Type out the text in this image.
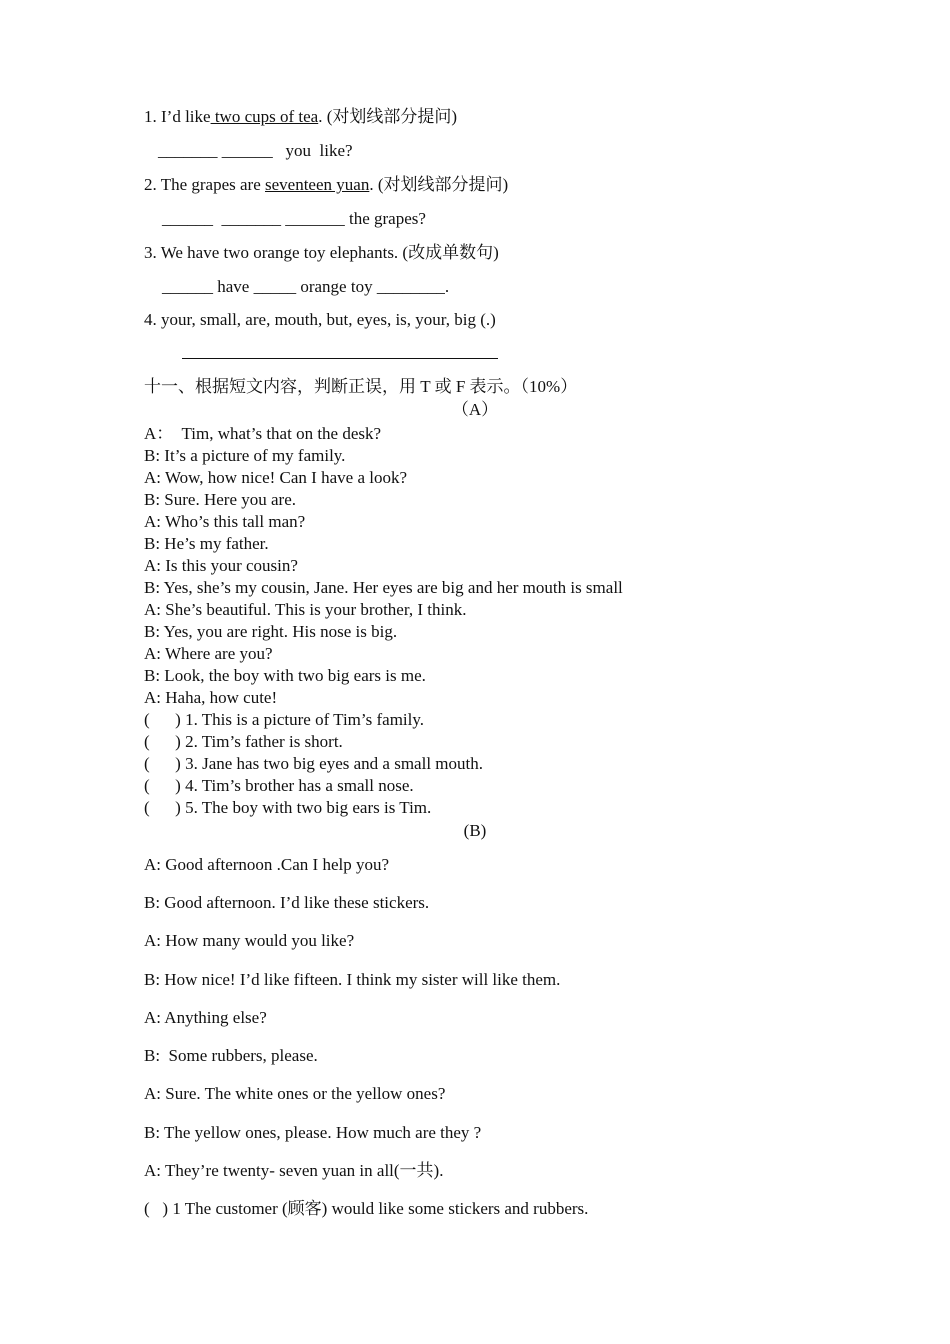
1. I’d like two cups of tea. (对划线部分提问)
_______ ______   you  like?
2. The grapes are seventeen yuan. (对划线部分提问)
______  _______ _______ the grapes?
3. We have two orange toy elephants. (改成单数句)
______ have _____ orange toy ________.
4. your, small, are, mouth, but, eyes, is, your, big (.)
十一、根据短文内容，判断正误，用 T 或 F 表示。（10%）
（A）
A：  Tim, what’s that on the desk?
B: It’s a picture of my family.
A: Wow, how nice! Can I have a look?
B: Sure. Here you are.
A: Who’s this tall man?
B: He’s my father.
A: Is this your cousin?
B: Yes, she’s my cousin, Jane. Her eyes are big and her mouth is small
A: She’s beautiful. This is your brother, I think.
B: Yes, you are right. His nose is big.
A: Where are you?
B: Look, the boy with two big ears is me.
A: Haha, how cute!
(      ) 1. This is a picture of Tim’s family.
(      ) 2. Tim’s father is short.
(      ) 3. Jane has two big eyes and a small mouth.
(      ) 4. Tim’s brother has a small nose.
(      ) 5. The boy with two big ears is Tim.
(B)
A: Good afternoon .Can I help you?
B: Good afternoon. I’d like these stickers.
A: How many would you like?
B: How nice! I’d like fifteen. I think my sister will like them.
A: Anything else?
B:  Some rubbers, please.
A: Sure. The white ones or the yellow ones?
B: The yellow ones, please. How much are they ?
A: They’re twenty- seven yuan in all(一共).
(   ) 1 The customer (顾客) would like some stickers and rubbers.
